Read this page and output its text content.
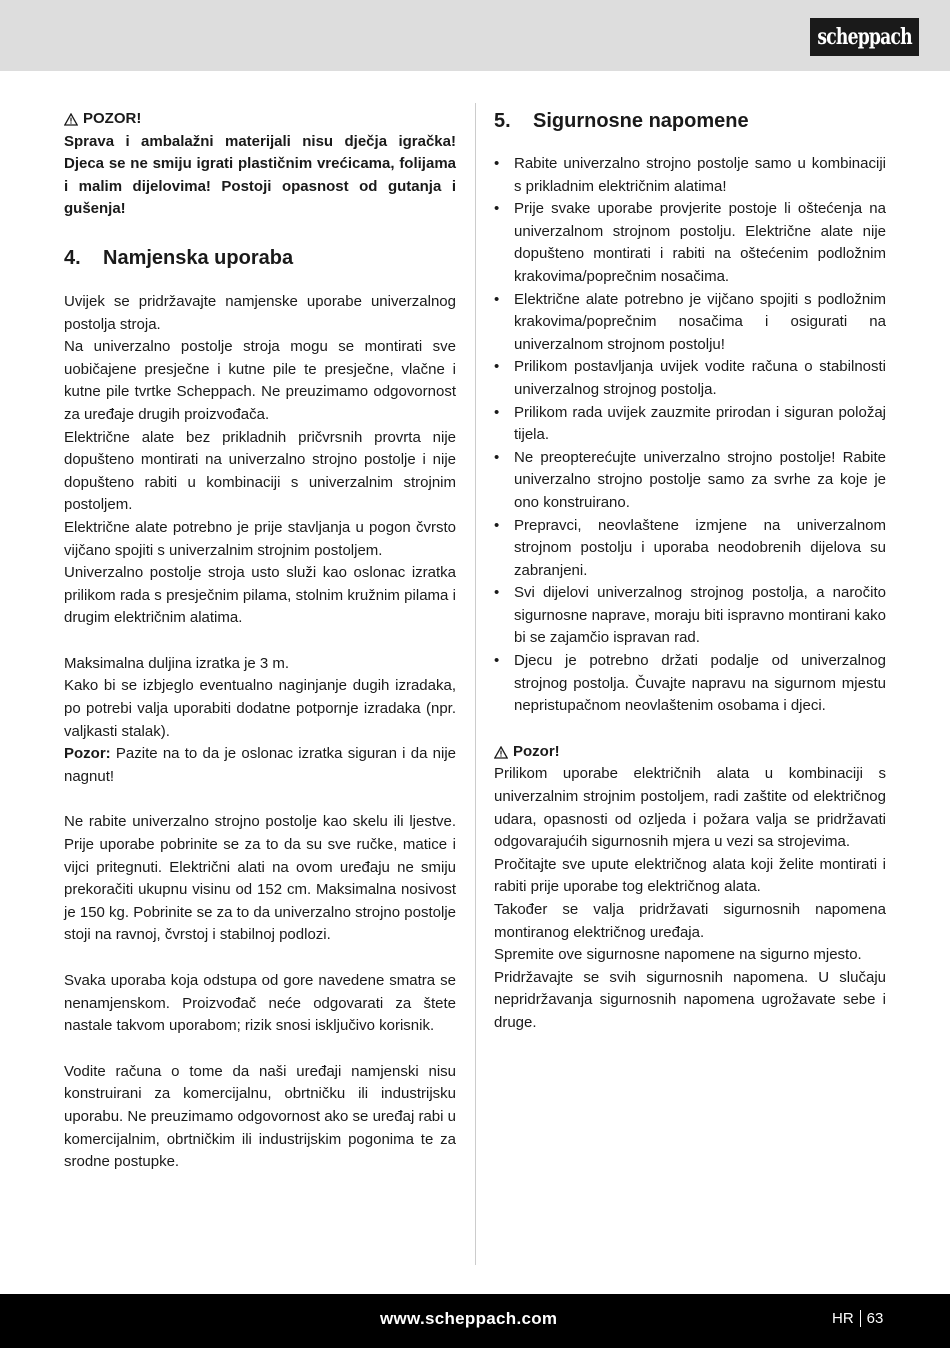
scheppach
POZOR!

Sprava i ambalažni materijali nisu dječja igračka! Djeca se ne smiju igrati plastičnim vrećicama, folijama i malim dijelovima! Postoji opasnost od gutanja i gušenja!

4.	Namjenska uporaba

Uvijek se pridržavajte namjenske uporabe univerzalnog postolja stroja.

Na univerzalno postolje stroja mogu se montirati sve uobičajene presječne i kutne pile te presječne, vlačne i kutne pile tvrtke Scheppach. Ne preuzimamo odgovornost za uređaje drugih proizvođača.

Električne alate bez prikladnih pričvrsnih provrta nije dopušteno montirati na univerzalno strojno postolje i nije dopušteno rabiti u kombinaciji s univerzalnim strojnim postoljem.

Električne alate potrebno je prije stavljanja u pogon čvrsto vijčano spojiti s univerzalnim strojnim postoljem.

Univerzalno postolje stroja usto služi kao oslonac izratka prilikom rada s presječnim pilama, stolnim kružnim pilama i drugim električnim alatima.

Maksimalna duljina izratka je 3 m.

Kako bi se izbjeglo eventualno naginjanje dugih izradaka, po potrebi valja uporabiti dodatne potpornje izradaka (npr. valjkasti stalak).

Pozor: Pazite na to da je oslonac izratka siguran i da nije nagnut!

Ne rabite univerzalno strojno postolje kao skelu ili ljestve. Prije uporabe pobrinite se za to da su sve ručke, matice i vijci pritegnuti. Električni alati na ovom uređaju ne smiju prekoračiti ukupnu visinu od 152 cm. Maksimalna nosivost je 150 kg. Pobrinite se za to da univerzalno strojno postolje stoji na ravnoj, čvrstoj i stabilnoj podlozi.

Svaka uporaba koja odstupa od gore navedene smatra se nenamjenskom. Proizvođač neće odgovarati za štete nastale takvom uporabom; rizik snosi isključivo korisnik.

Vodite računa o tome da naši uređaji namjenski nisu konstruirani za komercijalnu, obrtničku ili industrijsku uporabu. Ne preuzimamo odgovornost ako se uređaj rabi u komercijalnim, obrtničkim ili industrijskim pogonima te za srodne postupke.

5.	Sigurnosne napomene
• Rabite univerzalno strojno postolje samo u kombinaciji s prikladnim električnim alatima!
• Prije svake uporabe provjerite postoje li oštećenja na univerzalnom strojnom postolju. Električne alate nije dopušteno montirati i rabiti na oštećenim podložnim krakovima/poprečnim nosačima.
• Električne alate potrebno je vijčano spojiti s podložnim krakovima/poprečnim nosačima i osigurati na univerzalnom strojnom postolju!
• Prilikom postavljanja uvijek vodite računa o stabilnosti univerzalnog strojnog postolja.
• Prilikom rada uvijek zauzmite prirodan i siguran položaj tijela.
• Ne preopterećujte univerzalno strojno postolje! Rabite univerzalno strojno postolje samo za svrhe za koje je ono konstruirano.
• Prepravci, neovlaštene izmjene na univerzalnom strojnom postolju i uporaba neodobrenih dijelova su zabranjeni.
• Svi dijelovi univerzalnog strojnog postolja, a naročito sigurnosne naprave, moraju biti ispravno montirani kako bi se zajamčio ispravan rad.
• Djecu je potrebno držati podalje od univerzalnog strojnog postolja. Čuvajte napravu na sigurnom mjestu nepristupačnom neovlaštenim osobama i djeci.
Pozor!

Prilikom uporabe električnih alata u kombinaciji s univerzalnim strojnim postoljem, radi zaštite od električnog udara, opasnosti od ozljeda i požara valja se pridržavati odgovarajućih sigurnosnih mjera u vezi sa strojevima.

Pročitajte sve upute električnog alata koji želite montirati i rabiti prije uporabe tog električnog alata.

Također se valja pridržavati sigurnosnih napomena montiranog električnog uređaja.

Spremite ove sigurnosne napomene na sigurno mjesto.

Pridržavajte se svih sigurnosnih napomena. U slučaju nepridržavanja sigurnosnih napomena ugrožavate sebe i druge.

www.scheppach.com	HR 63
